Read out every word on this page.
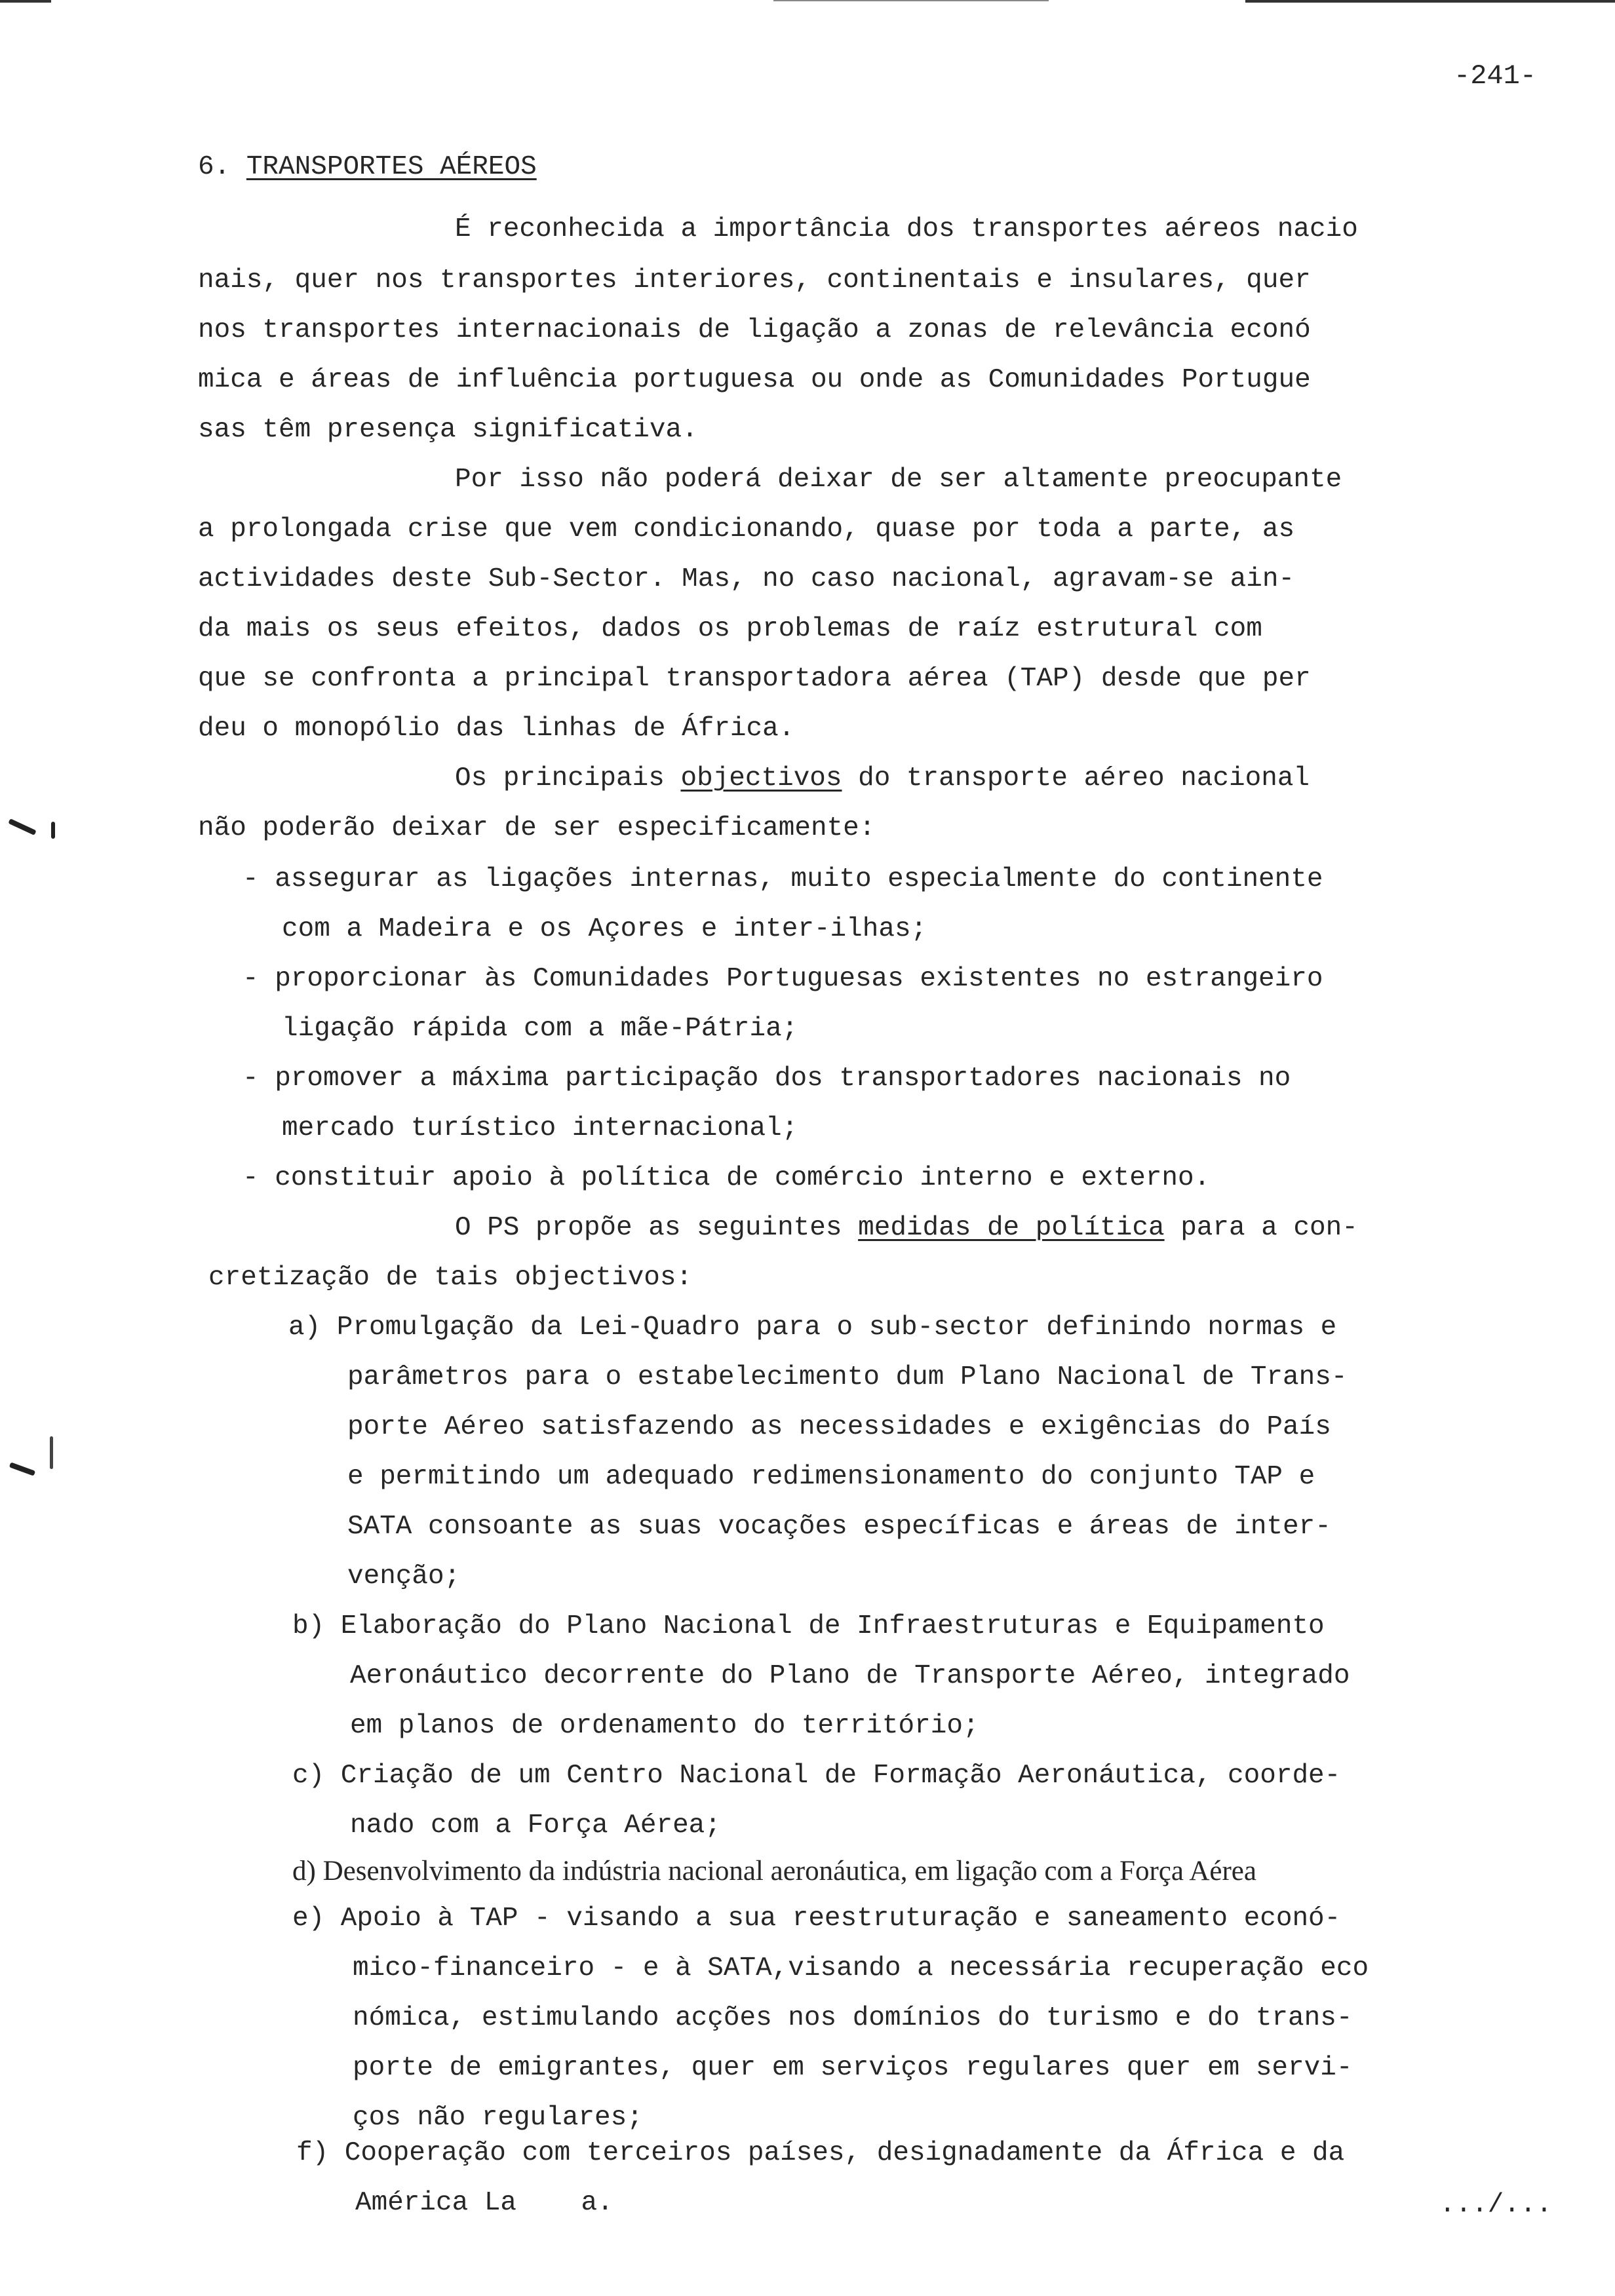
-241-
6. TRANSPORTES AÉREOS
É reconhecida a importância dos transportes aéreos nacio
nais, quer nos transportes interiores, continentais e insulares, quer
nos transportes internacionais de ligação a zonas de relevância econó
mica e áreas de influência portuguesa ou onde as Comunidades Portugue
sas têm presença significativa.
Por isso não poderá deixar de ser altamente preocupante
a prolongada crise que vem condicionando, quase por toda a parte, as
actividades deste Sub-Sector. Mas, no caso nacional, agravam-se ain-
da mais os seus efeitos, dados os problemas de raíz estrutural com
que se confronta a principal transportadora aérea (TAP) desde que per
deu o monopólio das linhas de África.
Os principais objectivos do transporte aéreo nacional
não poderão deixar de ser especificamente:
- assegurar as ligações internas, muito especialmente do continente
com a Madeira e os Açores e inter-ilhas;
- proporcionar às Comunidades Portuguesas existentes no estrangeiro
ligação rápida com a mãe-Pátria;
- promover a máxima participação dos transportadores nacionais no
mercado turístico internacional;
- constituir apoio à política de comércio interno e externo.
O PS propõe as seguintes medidas de política para a con-
cretização de tais objectivos:
a) Promulgação da Lei-Quadro para o sub-sector definindo normas e
parâmetros para o estabelecimento dum Plano Nacional de Trans-
porte Aéreo satisfazendo as necessidades e exigências do País
e permitindo um adequado redimensionamento do conjunto TAP e
SATA consoante as suas vocações específicas e áreas de inter-
venção;
b) Elaboração do Plano Nacional de Infraestruturas e Equipamento
Aeronáutico decorrente do Plano de Transporte Aéreo, integrado
em planos de ordenamento do território;
c) Criação de um Centro Nacional de Formação Aeronáutica, coorde-
nado com a Força Aérea;
d) Desenvolvimento da indústria nacional aeronáutica, em ligação com a Força Aérea
e) Apoio à TAP - visando a sua reestruturação e saneamento econó-
mico-financeiro - e à SATA,visando a necessária recuperação eco
nómica, estimulando acções nos domínios do turismo e do trans-
porte de emigrantes, quer em serviços regulares quer em servi-
ços não regulares;
f) Cooperação com terceiros países, designadamente da África e da
América La    a.	.../...
